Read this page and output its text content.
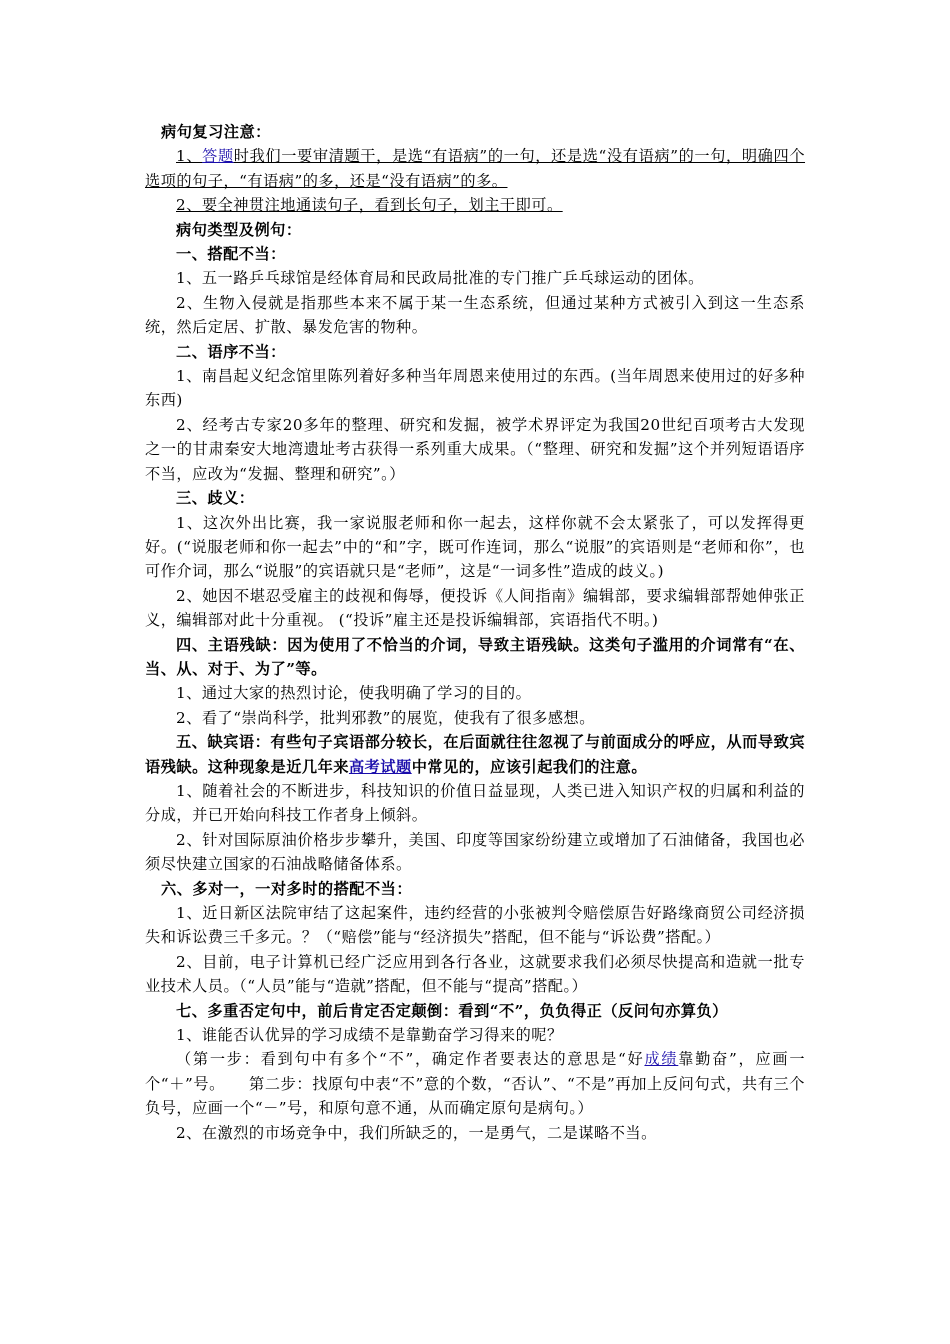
病句复习注意：
1、答题时我们一要审清题干，是选“有语病”的一句，还是选“没有语病”的一句，明确四个选项的句子，“有语病”的多，还是“没有语病”的多。
2、要全神贯注地通读句子，看到长句子，划主干即可。
病句类型及例句：
一、搭配不当：
1、五一路乒乓球馆是经体育局和民政局批准的专门推广乒乓球运动的团体。
2、生物入侵就是指那些本来不属于某一生态系统，但通过某种方式被引入到这一生态系统，然后定居、扩散、暴发危害的物种。
二、语序不当：
1、南昌起义纪念馆里陈列着好多种当年周恩来使用过的东西。(当年周恩来使用过的好多种东西)
2、经考古专家20多年的整理、研究和发掘，被学术界评定为我国20世纪百项考古大发现之一的甘肃秦安大地湾遗址考古获得一系列重大成果。（“整理、研究和发掘”这个并列短语语序不当，应改为“发掘、整理和研究”。）
三、歧义：
1、这次外出比赛，我一家说服老师和你一起去，这样你就不会太紧张了，可以发挥得更好。(“说服老师和你一起去”中的“和”字，既可作连词，那么“说服”的宾语则是“老师和你”，也可作介词，那么“说服”的宾语就只是“老师”，这是“一词多性”造成的歧义。)
2、她因不堪忍受雇主的歧视和侮辱，便投诉《人间指南》编辑部，要求编辑部帮她伸张正义，编辑部对此十分重视。 (“投诉”雇主还是投诉编辑部，宾语指代不明。)
四、主语残缺：因为使用了不恰当的介词，导致主语残缺。这类句子滥用的介词常有“在、当、从、对于、为了”等。
1、通过大家的热烈讨论，使我明确了学习的目的。
2、看了“崇尚科学，批判邪教”的展览，使我有了很多感想。
五、缺宾语：有些句子宾语部分较长，在后面就往往忽视了与前面成分的呼应，从而导致宾语残缺。这种现象是近几年来高考试题中常见的，应该引起我们的注意。
1、随着社会的不断进步，科技知识的价值日益显现，人类已进入知识产权的归属和利益的分成，并已开始向科技工作者身上倾斜。
2、针对国际原油价格步步攀升，美国、印度等国家纷纷建立或增加了石油储备，我国也必须尽快建立国家的石油战略储备体系。
六、多对一，一对多时的搭配不当：
1、近日新区法院审结了这起案件，违约经营的小张被判令赔偿原告好路缘商贸公司经济损失和诉讼费三千多元。？（“赔偿”能与“经济损失”搭配，但不能与“诉讼费”搭配。）
2、目前，电子计算机已经广泛应用到各行各业，这就要求我们必须尽快提高和造就一批专业技术人员。（“人员”能与“造就”搭配，但不能与“提高”搭配。）
七、多重否定句中，前后肯定否定颠倒：看到“不”，负负得正（反问句亦算负）
1、谁能否认优异的学习成绩不是靠勤奋学习得来的呢？
（第一步：看到句中有多个“不”，确定作者要表达的意思是“好成绩靠勤奋”，应画一个“＋”号。　　第二步：找原句中表“不”意的个数，“否认”、“不是”再加上反问句式，共有三个负号，应画一个“－”号，和原句意不通，从而确定原句是病句。）
2、在激烈的市场竞争中，我们所缺乏的，一是勇气，二是谋略不当。
